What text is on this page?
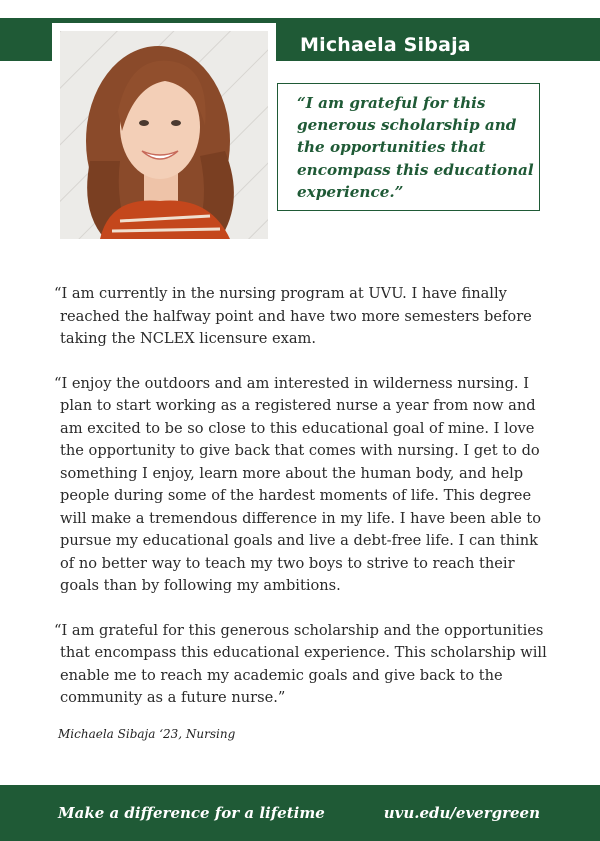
Michaela Sibaja
“I am grateful for this generous scholarship and the opportunities that encompass this educational experience.”

“I am currently in the nursing program at UVU. I have finally reached the halfway point and have two more semesters before taking the NCLEX licensure exam.

“I enjoy the outdoors and am interested in wilderness nursing. I plan to start working as a registered nurse a year from now and am excited to be so close to this educational goal of mine. I love the opportunity to give back that comes with nursing. I get to do something I enjoy, learn more about the human body, and help people during some of the hardest moments of life. This degree will make a tremendous difference in my life. I have been able to pursue my educational goals and live a debt-free life. I can think of no better way to teach my two boys to strive to reach their goals than by following my ambitions.

“I am grateful for this generous scholarship and the opportunities that encompass this educational experience. This scholarship will enable me to reach my academic goals and give back to the community as a future nurse.”

Michaela Sibaja ‘23, Nursing
Make a difference for a lifetime	uvu.edu/evergreen
